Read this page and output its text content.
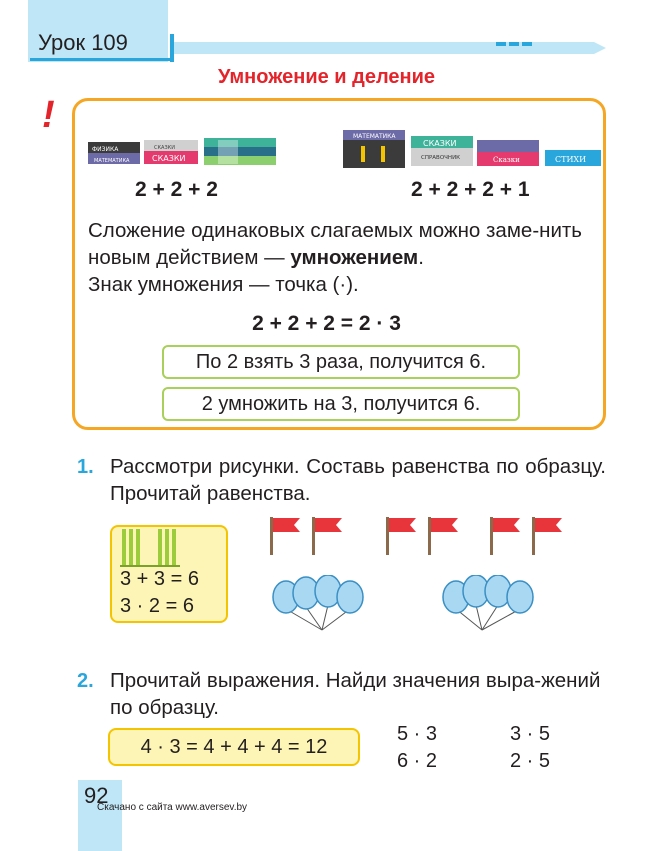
Урок 109
Умножение и деление
!
ФИЗИКА
МАТЕМАТИКА
СКАЗКИ
СКАЗКИ
МАТЕМАТИКА
СКАЗКИ
СПРАВОЧНИК	Сказки	СТИХИ
2 + 2 + 2	2 + 2 + 2 + 1
Сложение одинаковых слагаемых можно заме-нить новым действием — умножением.
Знак умножения — точка (·).
2 + 2 + 2 = 2 · 3
По 2 взять 3 раза, получится 6.
2 умножить на 3, получится 6.
1. Рассмотри рисунки. Составь равенства по образцу. Прочитай равенства.
3 + 3 = 6
3 · 2 = 6
2. Прочитай выражения. Найди значения выра-жений по образцу.
4 · 3 = 4 + 4 + 4 = 12
5 · 3	3 · 5
6 · 2	2 · 5
92
Скачано с сайта www.aversev.by
